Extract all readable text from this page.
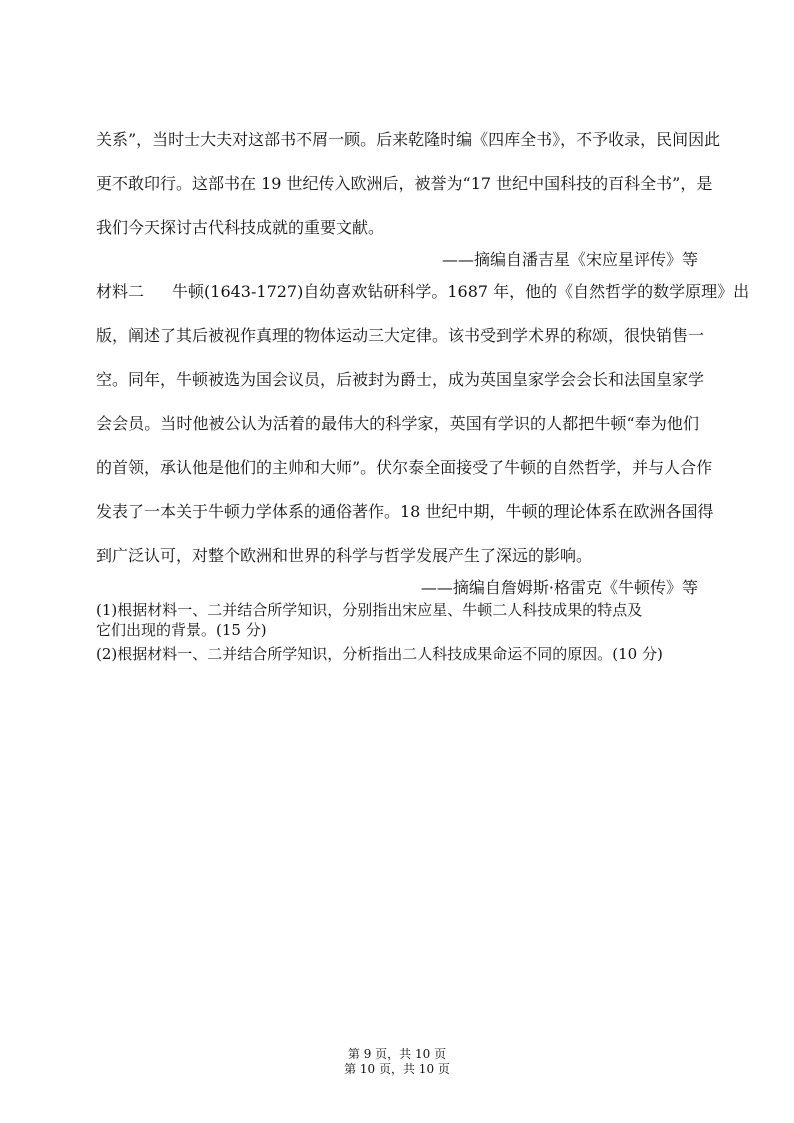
关系”，当时士大夫对这部书不屑一顾。后来乾隆时编《四库全书》，不予收录，民间因此
更不敢印行。这部书在 19 世纪传入欧洲后，被誉为“17 世纪中国科技的百科全书”，是
我们今天探讨古代科技成就的重要文献。
——摘编自潘吉星《宋应星评传》等
材料二 牛顿(1643-1727)自幼喜欢钻研科学。1687 年，他的《自然哲学的数学原理》出
版，阐述了其后被视作真理的物体运动三大定律。该书受到学术界的称颂，很快销售一
空。同年，牛顿被选为国会议员，后被封为爵士，成为英国皇家学会会长和法国皇家学
会会员。当时他被公认为活着的最伟大的科学家，英国有学识的人都把牛顿“奉为他们
的首领，承认他是他们的主帅和大师”。伏尔泰全面接受了牛顿的自然哲学，并与人合作
发表了一本关于牛顿力学体系的通俗著作。18 世纪中期，牛顿的理论体系在欧洲各国得
到广泛认可，对整个欧洲和世界的科学与哲学发展产生了深远的影响。
——摘编自詹姆斯·格雷克《牛顿传》等
(1)根据材料一、二并结合所学知识，分别指出宋应星、牛顿二人科技成果的特点及
它们出现的背景。(15 分)
(2)根据材料一、二并结合所学知识，分析指出二人科技成果命运不同的原因。(10 分)
第 9 页，共 10 页
第 10 页，共 10 页
